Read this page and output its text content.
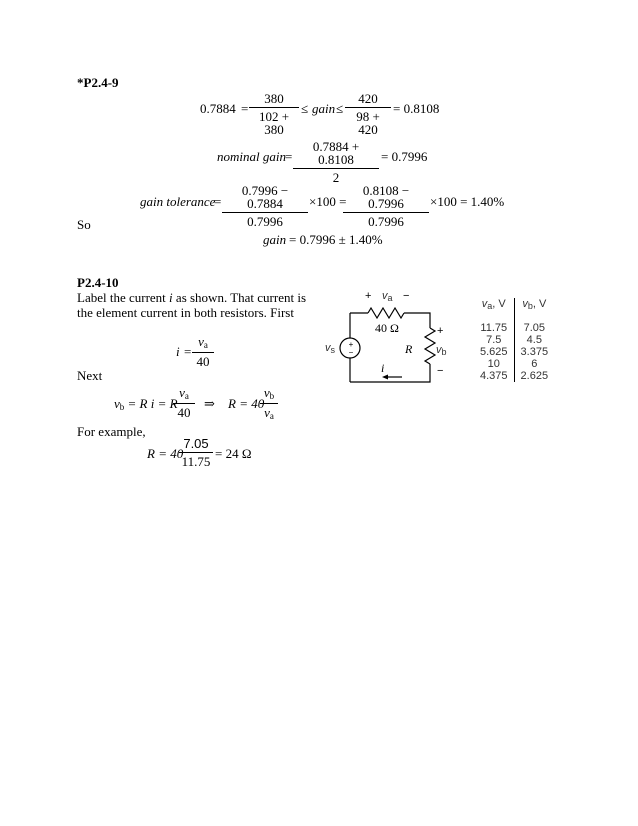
*P2.4-9
$0.7884 = \frac{380}{102 + 380}$ ≤ gain ≤ $\frac{420}{98 + 420} = 0.8108$
nominal gain = $\frac{0.7884 + 0.8108}{2} = 0.7996$
gain tolerance
= $\frac{0.7996 - 0.7884}{0.7996} \times 100$ =
$\frac{0.8108 - 0.7996}{0.7996} \times 100 = 1.40\%$
So
gain = 0.7996 ± 1.40%
P2.4-10
Label the current i as shown. That current is
the element current in both resistors. First
$i = \frac{v_a}{40}$
Next
$v_b = R$ i = R
$\frac{v_a}{40}$ ⇒ R = 40
$\frac{v_b}{v_a}$
For example,
R = 40
$\frac{7.05}{11.75} = 24$ Ω
+
−
+ $v_a$ −
40 Ω	+
$v_s$	R $v_b$
i	−
$v_a$, V	$v_b$, V
11.75	7.05
7.5	4.5
5.625	3.375
10	6
4.375	2.625
